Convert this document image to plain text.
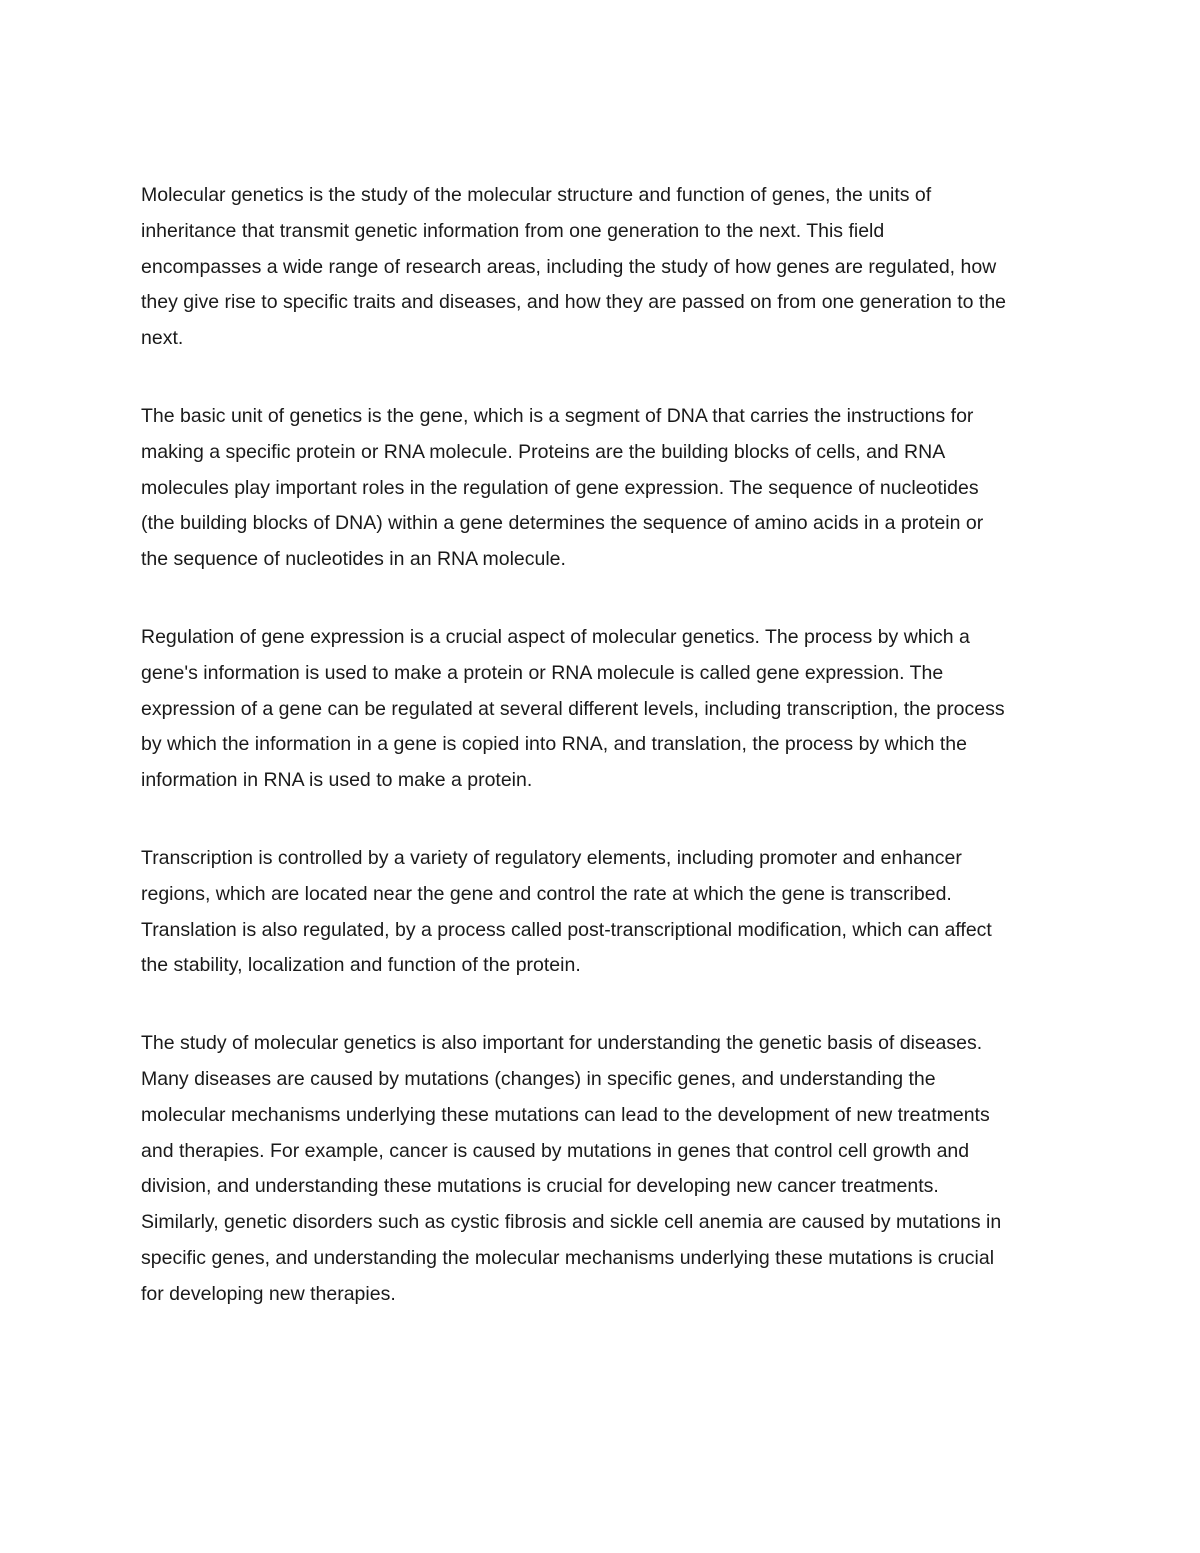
Molecular genetics is the study of the molecular structure and function of genes, the units of
inheritance that transmit genetic information from one generation to the next. This field
encompasses a wide range of research areas, including the study of how genes are regulated, how
they give rise to specific traits and diseases, and how they are passed on from one generation to the
next.

The basic unit of genetics is the gene, which is a segment of DNA that carries the instructions for
making a specific protein or RNA molecule. Proteins are the building blocks of cells, and RNA
molecules play important roles in the regulation of gene expression. The sequence of nucleotides
(the building blocks of DNA) within a gene determines the sequence of amino acids in a protein or
the sequence of nucleotides in an RNA molecule.

Regulation of gene expression is a crucial aspect of molecular genetics. The process by which a
gene's information is used to make a protein or RNA molecule is called gene expression. The
expression of a gene can be regulated at several different levels, including transcription, the process
by which the information in a gene is copied into RNA, and translation, the process by which the
information in RNA is used to make a protein.

Transcription is controlled by a variety of regulatory elements, including promoter and enhancer
regions, which are located near the gene and control the rate at which the gene is transcribed.
Translation is also regulated, by a process called post-transcriptional modification, which can affect
the stability, localization and function of the protein.

The study of molecular genetics is also important for understanding the genetic basis of diseases.
Many diseases are caused by mutations (changes) in specific genes, and understanding the
molecular mechanisms underlying these mutations can lead to the development of new treatments
and therapies. For example, cancer is caused by mutations in genes that control cell growth and
division, and understanding these mutations is crucial for developing new cancer treatments.
Similarly, genetic disorders such as cystic fibrosis and sickle cell anemia are caused by mutations in
specific genes, and understanding the molecular mechanisms underlying these mutations is crucial
for developing new therapies.
